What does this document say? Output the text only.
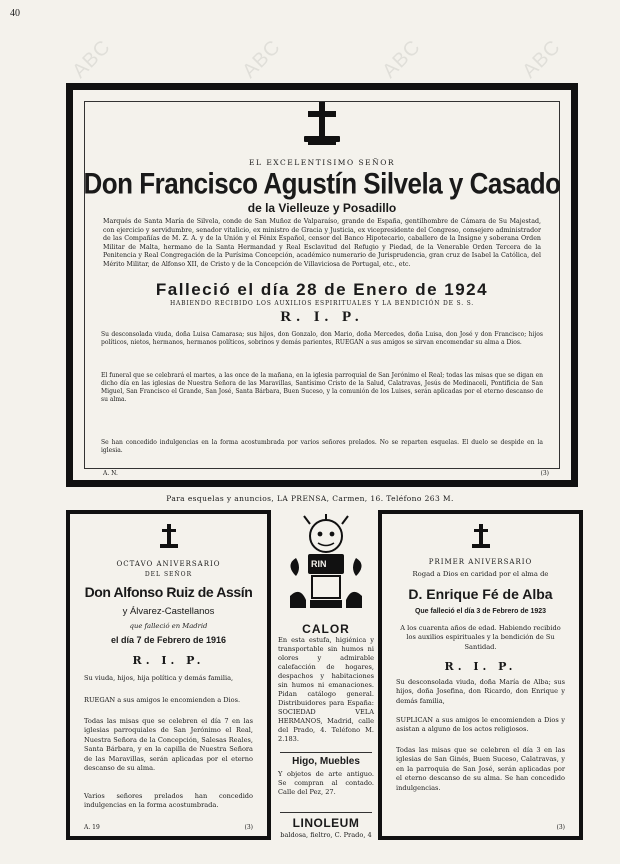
40
ABC	ABC	ABC	ABC
EL EXCELENTISIMO SEÑOR
Don Francisco Agustín Silvela y Casado
de la Vielleuze y Posadillo
Marqués de Santa María de Silvela, conde de San Muñoz de Valparaíso, grande de España, gentilhombre de Cámara de Su Majestad, con ejercicio y servidumbre, senador vitalicio, ex ministro de Gracia y Justicia, ex vicepresidente del Congreso, consejero administrador de las Compañías de M. Z. A. y de la Unión y el Fénix Español, censor del Banco Hipotecario, caballero de la Insigne y soberana Orden Militar de Malta, hermano de la Santa Hermandad y Real Esclavitud del Refugio y Piedad, de la Venerable Orden Tercera de la Penitencia y Real Congregación de la Purísima Concepción, académico numerario de Jurisprudencia, gran cruz de Isabel la Católica, del Mérito Militar, de Alfonso XII, de Cristo y de la Concepción de Villaviciosa de Portugal, etc., etc.
Falleció el día 28 de Enero de 1924
HABIENDO RECIBIDO LOS AUXILIOS ESPIRITUALES Y LA BENDICIÓN DE S. S.
R. I. P.
Su desconsolada viuda, doña Luisa Camarasa; sus hijos, don Gonzalo, don Mario, doña Mercedes, doña Luisa, don José y don Francisco; hijos políticos, nietos, hermanos, hermanos políticos, sobrinos y demás parientes, RUEGAN a sus amigos se sirvan encomendar su alma a Dios.
El funeral que se celebrará el martes, a las once de la mañana, en la iglesia parroquial de San Jerónimo el Real; todas las misas que se digan en dicho día en las iglesias de Nuestra Señora de las Maravillas, Santísimo Cristo de la Salud, Calatravas, Jesús de Medinaceli, Pontificia de San Miguel, San Francisco el Grande, San José, Santa Bárbara, Buen Suceso, y la comunión de los Luises, serán aplicadas por el eterno descanso de su alma.
Se han concedido indulgencias en la forma acostumbrada por varios señores prelados. No se reparten esquelas. El duelo se despide en la iglesia.
A. N.	(3)
Para esquelas y anuncios, LA PRENSA, Carmen, 16. Teléfono 263 M.
OCTAVO ANIVERSARIO
DEL SEÑOR
Don Alfonso Ruiz de Assín
y Álvarez-Castellanos
que falleció en Madrid
el día 7 de Febrero de 1916
R. I. P.
Su viuda, hijos, hija política y demás familia,
RUEGAN a sus amigos le encomienden a Dios.
Todas las misas que se celebren el día 7 en las iglesias parroquiales de San Jerónimo el Real, Nuestra Señora de la Concepción, Salesas Reales, Santa Bárbara, y en la capilla de Nuestra Señora de las Maravillas, serán aplicadas por el eterno descanso de su alma.
Varios señores prelados han concedido indulgencias en la forma acostumbrada.
A. 19	(3)
RIN
CALOR
En esta estufa, higiénica y transportable sin humos ni olores y admirable calefacción de hogares, despachos y habitaciones sin humos ni emanaciones. Pidan catálogo general. Distribuidores para España: SOCIEDAD VELA HERMANOS, Madrid, calle del Prado, 4. Teléfono M. 2.183.
Higo, Muebles
Y objetos de arte antiguo. Se compran al contado. Calle del Pez, 27.
LINOLEUM
baldosa, fieltro, C. Prado, 4
PRIMER ANIVERSARIO
Rogad a Dios en caridad por el alma de
D. Enrique Fé de Alba
Que falleció el día 3 de Febrero de 1923
A los cuarenta años de edad. Habiendo recibido los auxilios espirituales y la bendición de Su Santidad.
R. I. P.
Su desconsolada viuda, doña María de Alba; sus hijos, doña Josefina, don Ricardo, don Enrique y demás familia,
SUPLICAN a sus amigos le encomienden a Dios y asistan a alguno de los actos religiosos.
Todas las misas que se celebren el día 3 en las iglesias de San Ginés, Buen Suceso, Calatravas, y en la parroquia de San José, serán aplicadas por el eterno descanso de su alma. Se han concedido indulgencias.
(3)
